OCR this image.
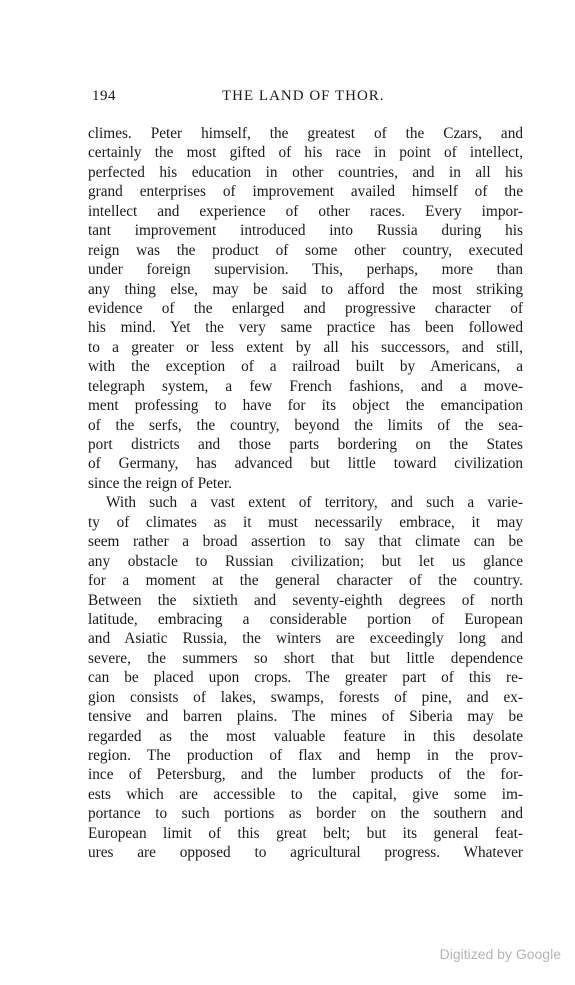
194	THE LAND OF THOR.
climes. Peter himself, the greatest of the Czars, and
certainly the most gifted of his race in point of intellect,
perfected his education in other countries, and in all his
grand enterprises of improvement availed himself of the
intellect and experience of other races. Every impor-
tant improvement introduced into Russia during his
reign was the product of some other country, executed
under foreign supervision. This, perhaps, more than
any thing else, may be said to afford the most striking
evidence of the enlarged and progressive character of
his mind. Yet the very same practice has been followed
to a greater or less extent by all his successors, and still,
with the exception of a railroad built by Americans, a
telegraph system, a few French fashions, and a move-
ment professing to have for its object the emancipation
of the serfs, the country, beyond the limits of the sea-
port districts and those parts bordering on the States
of Germany, has advanced but little toward civilization
since the reign of Peter.
With such a vast extent of territory, and such a varie-
ty of climates as it must necessarily embrace, it may
seem rather a broad assertion to say that climate can be
any obstacle to Russian civilization; but let us glance
for a moment at the general character of the country.
Between the sixtieth and seventy-eighth degrees of north
latitude, embracing a considerable portion of European
and Asiatic Russia, the winters are exceedingly long and
severe, the summers so short that but little dependence
can be placed upon crops. The greater part of this re-
gion consists of lakes, swamps, forests of pine, and ex-
tensive and barren plains. The mines of Siberia may be
regarded as the most valuable feature in this desolate
region. The production of flax and hemp in the prov-
ince of Petersburg, and the lumber products of the for-
ests which are accessible to the capital, give some im-
portance to such portions as border on the southern and
European limit of this great belt; but its general feat-
ures are opposed to agricultural progress. Whatever
Digitized by Google
